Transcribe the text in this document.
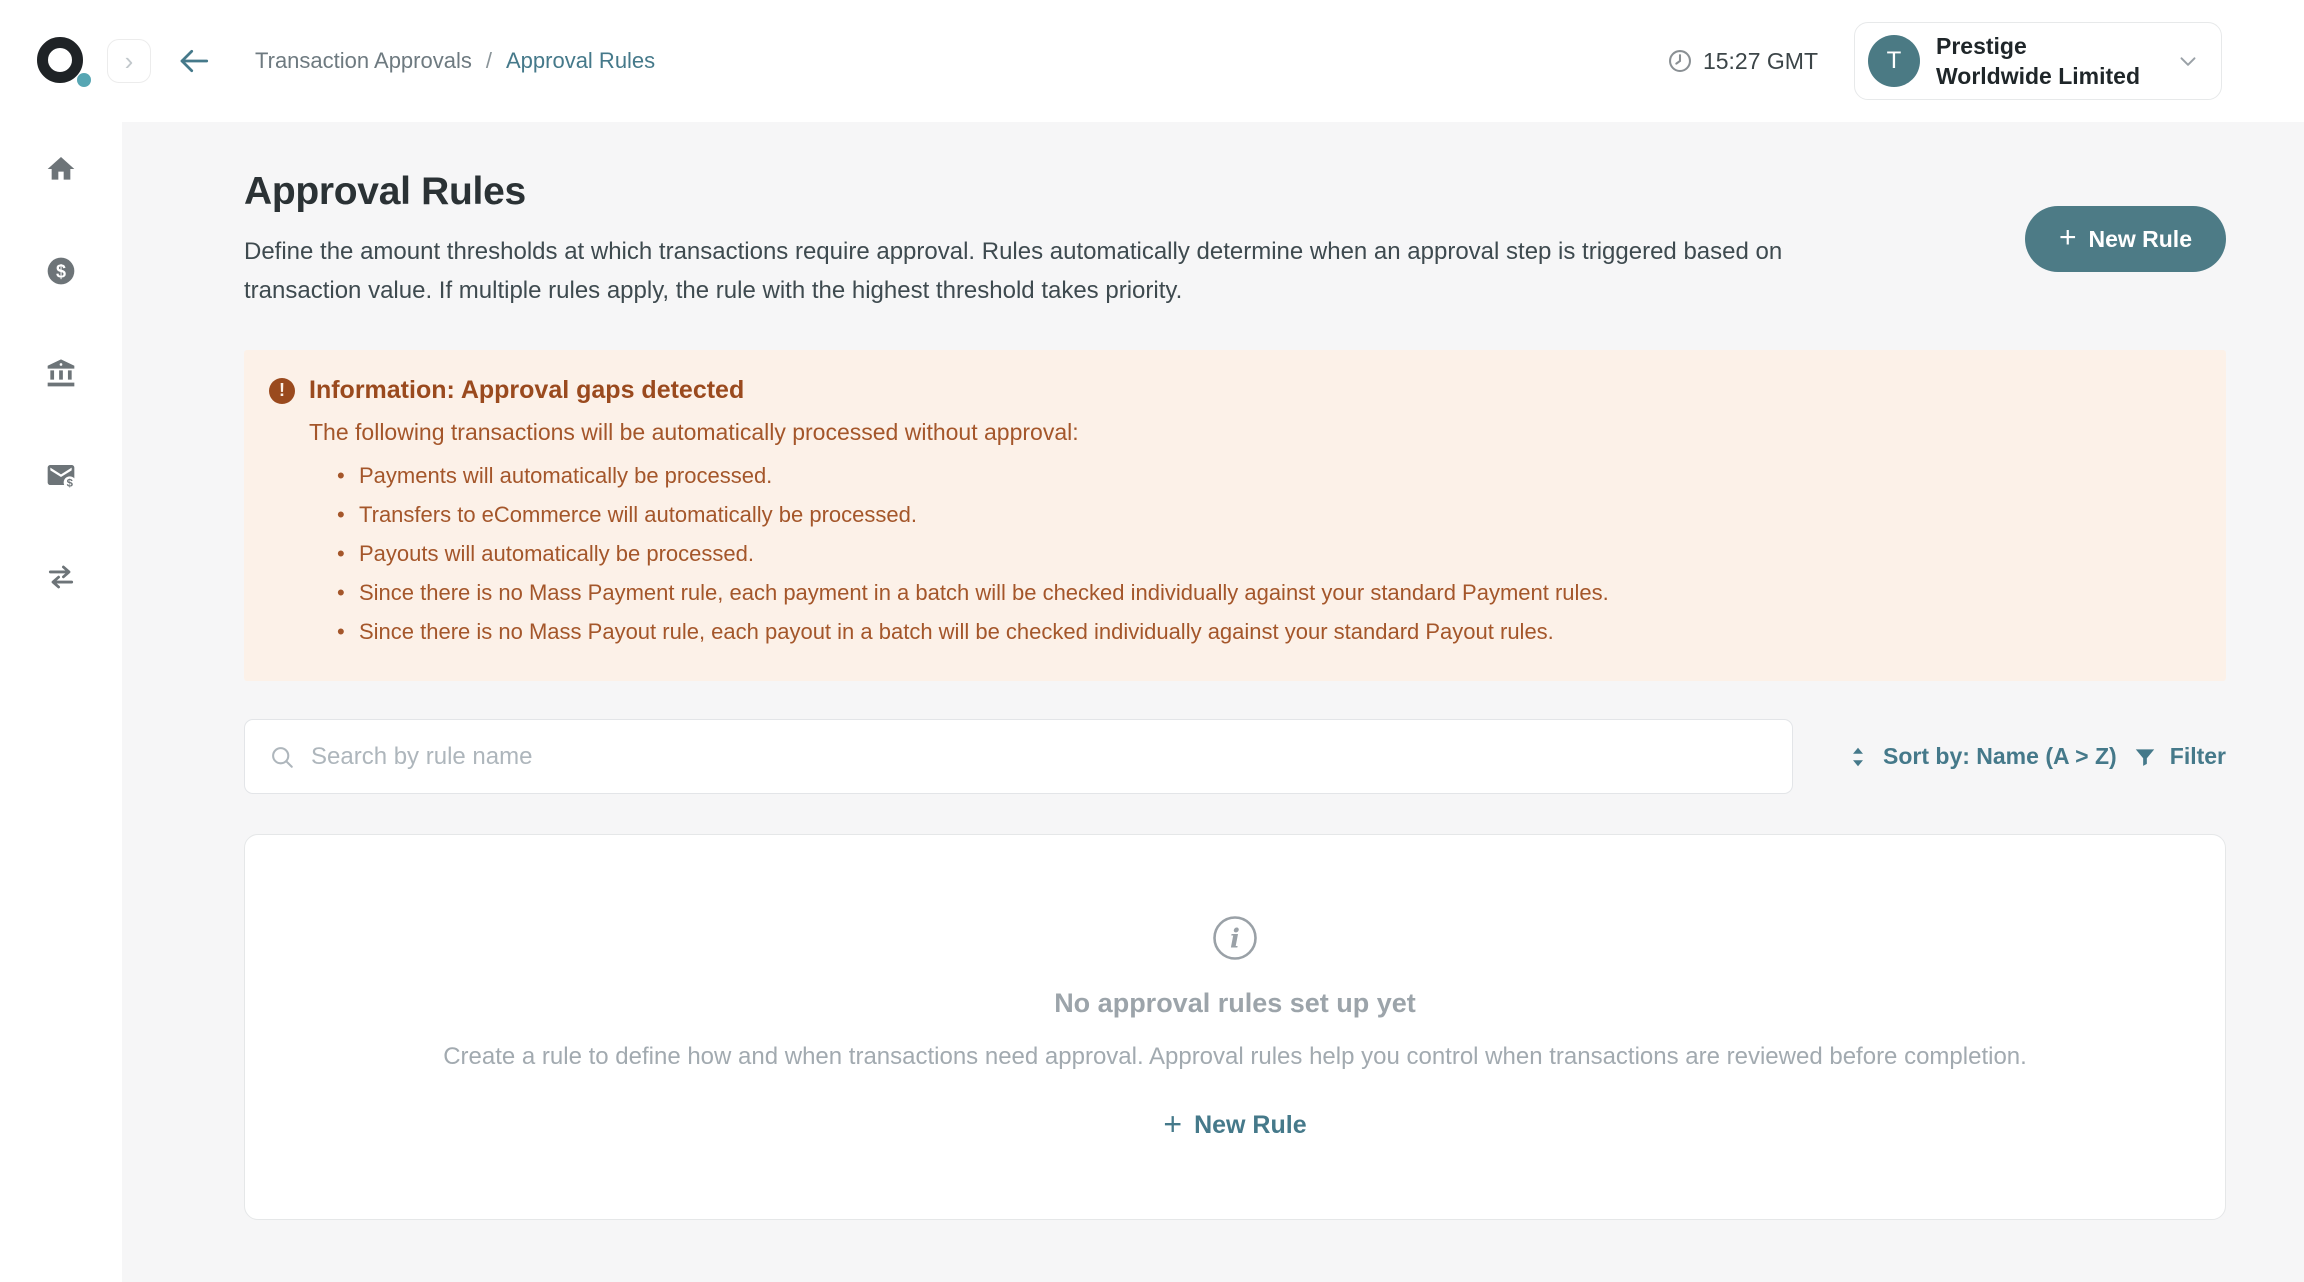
›	Transaction Approvals / Approval Rules	15:27 GMT	T
Prestige Worldwide Limited
$
$
Approval Rules

Define the amount thresholds at which transactions require approval. Rules automatically determine when an approval step is triggered based on transaction value. If multiple rules apply, the rule with the highest threshold takes priority.

+ New Rule
! Information: Approval gaps detected

The following transactions will be automatically processed without approval:

• Payments will automatically be processed.
• Transfers to eCommerce will automatically be processed.
• Payouts will automatically be processed.
• Since there is no Mass Payment rule, each payment in a batch will be checked individually against your standard Payment rules.
• Since there is no Mass Payout rule, each payout in a batch will be checked individually against your standard Payout rules.
Search by rule name
Sort by: Name (A > Z) Filter
i
No approval rules set up yet

Create a rule to define how and when transactions need approval. Approval rules help you control when transactions are reviewed before completion.

+ New Rule
